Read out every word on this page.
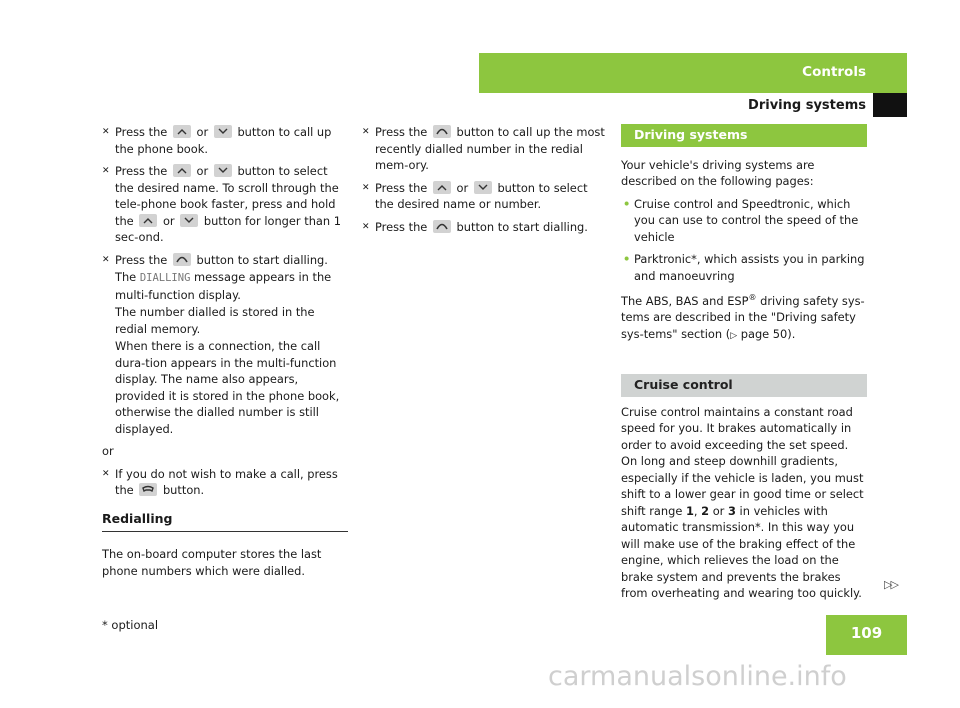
Controls
Driving systems
✕ Press the	or	button to call up the phone book.
✕ Press the	or	button to select the desired name. To scroll through the tele-phone book faster, press and hold the	or	button for longer than 1 sec-ond.
✕ Press the	button to start dialling.

The DIALLING message appears in the multi-function display.

The number dialled is stored in the redial memory.

When there is a connection, the call dura-tion appears in the multi-function display. The name also appears, provided it is stored in the phone book, otherwise the dialled number is still displayed.

or

✕ If you do not wish to make a call, press the	button.
Redialling

The on-board computer stores the last phone numbers which were dialled.

✕ Press the	button to call up the most recently dialled number in the redial mem-ory.
✕ Press the	or	button to select the desired name or number.
✕ Press the	button to start dialling.
Driving systems

Your vehicle's driving systems are described on the following pages:

• Cruise control and Speedtronic, which you can use to control the speed of the vehicle
• Parktronic*, which assists you in parking and manoeuvring

The ABS, BAS and ESP® driving safety sys-tems are described in the "Driving safety sys-tems" section (▷ page 50).

Cruise control

Cruise control maintains a constant road speed for you. It brakes automatically in order to avoid exceeding the set speed. On long and steep downhill gradients, especially if the vehicle is laden, you must shift to a lower gear in good time or select shift range 1, 2 or 3 in vehicles with automatic transmission*. In this way you will make use of the braking effect of the engine, which relieves the load on the brake system and prevents the brakes from overheating and wearing too quickly.

▷▷
* optional	109
carmanualsonline.info
